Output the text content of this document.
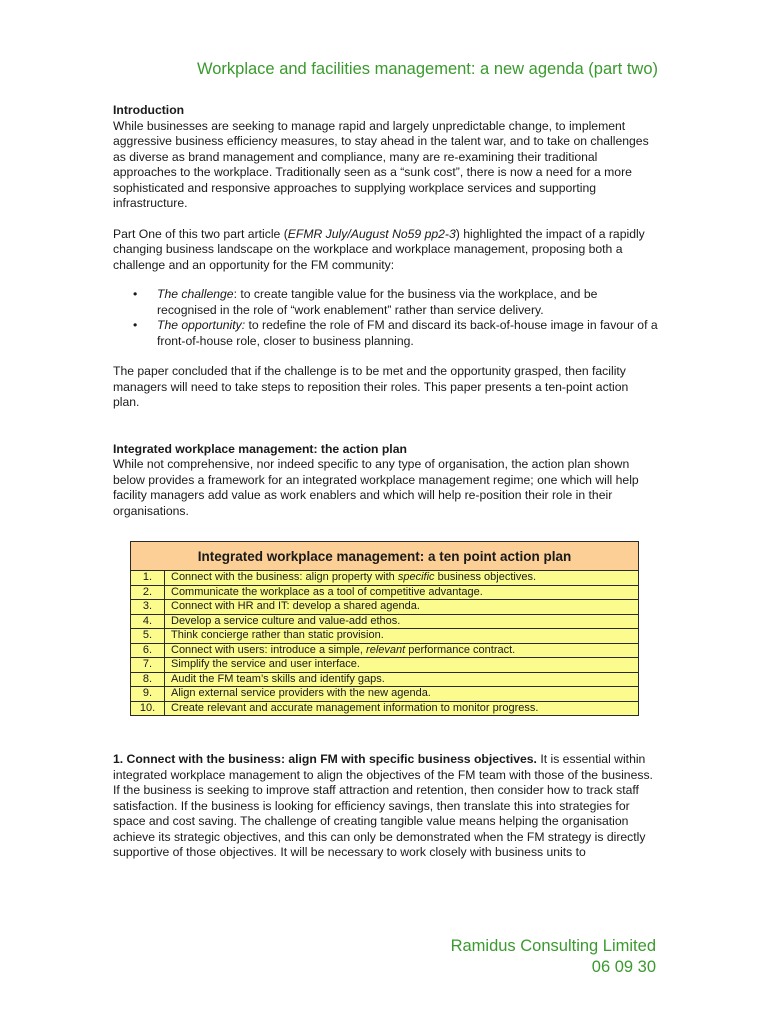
Workplace and facilities management: a new agenda (part two)

Introduction

While businesses are seeking to manage rapid and largely unpredictable change, to implement aggressive business efficiency measures, to stay ahead in the talent war, and to take on challenges as diverse as brand management and compliance, many are re-examining their traditional approaches to the workplace. Traditionally seen as a “sunk cost”, there is now a need for a more sophisticated and responsive approaches to supplying workplace services and supporting infrastructure.

Part One of this two part article (EFMR July/August No59 pp2-3) highlighted the impact of a rapidly changing business landscape on the workplace and workplace management, proposing both a challenge and an opportunity for the FM community:

• The challenge: to create tangible value for the business via the workplace, and be recognised in the role of “work enablement” rather than service delivery.
• The opportunity: to redefine the role of FM and discard its back-of-house image in favour of a front-of-house role, closer to business planning.

The paper concluded that if the challenge is to be met and the opportunity grasped, then facility managers will need to take steps to reposition their roles. This paper presents a ten-point action plan.

Integrated workplace management: the action plan

While not comprehensive, nor indeed specific to any type of organisation, the action plan shown below provides a framework for an integrated workplace management regime; one which will help facility managers add value as work enablers and which will help re-position their role in their organisations.

Integrated workplace management: a ten point action plan	
1.	Connect with the business: align property with specific business objectives.
2.	Communicate the workplace as a tool of competitive advantage.
3.	Connect with HR and IT: develop a shared agenda.
4.	Develop a service culture and value-add ethos.
5.	Think concierge rather than static provision.
6.	Connect with users: introduce a simple, relevant performance contract.
7.	Simplify the service and user interface.
8.	Audit the FM team’s skills and identify gaps.
9.	Align external service providers with the new agenda.
10.	Create relevant and accurate management information to monitor progress.

1. Connect with the business: align FM with specific business objectives. It is essential within integrated workplace management to align the objectives of the FM team with those of the business. If the business is seeking to improve staff attraction and retention, then consider how to track staff satisfaction. If the business is looking for efficiency savings, then translate this into strategies for space and cost saving. The challenge of creating tangible value means helping the organisation achieve its strategic objectives, and this can only be demonstrated when the FM strategy is directly supportive of those objectives. It will be necessary to work closely with business units to

Ramidus Consulting Limited
06 09 30
